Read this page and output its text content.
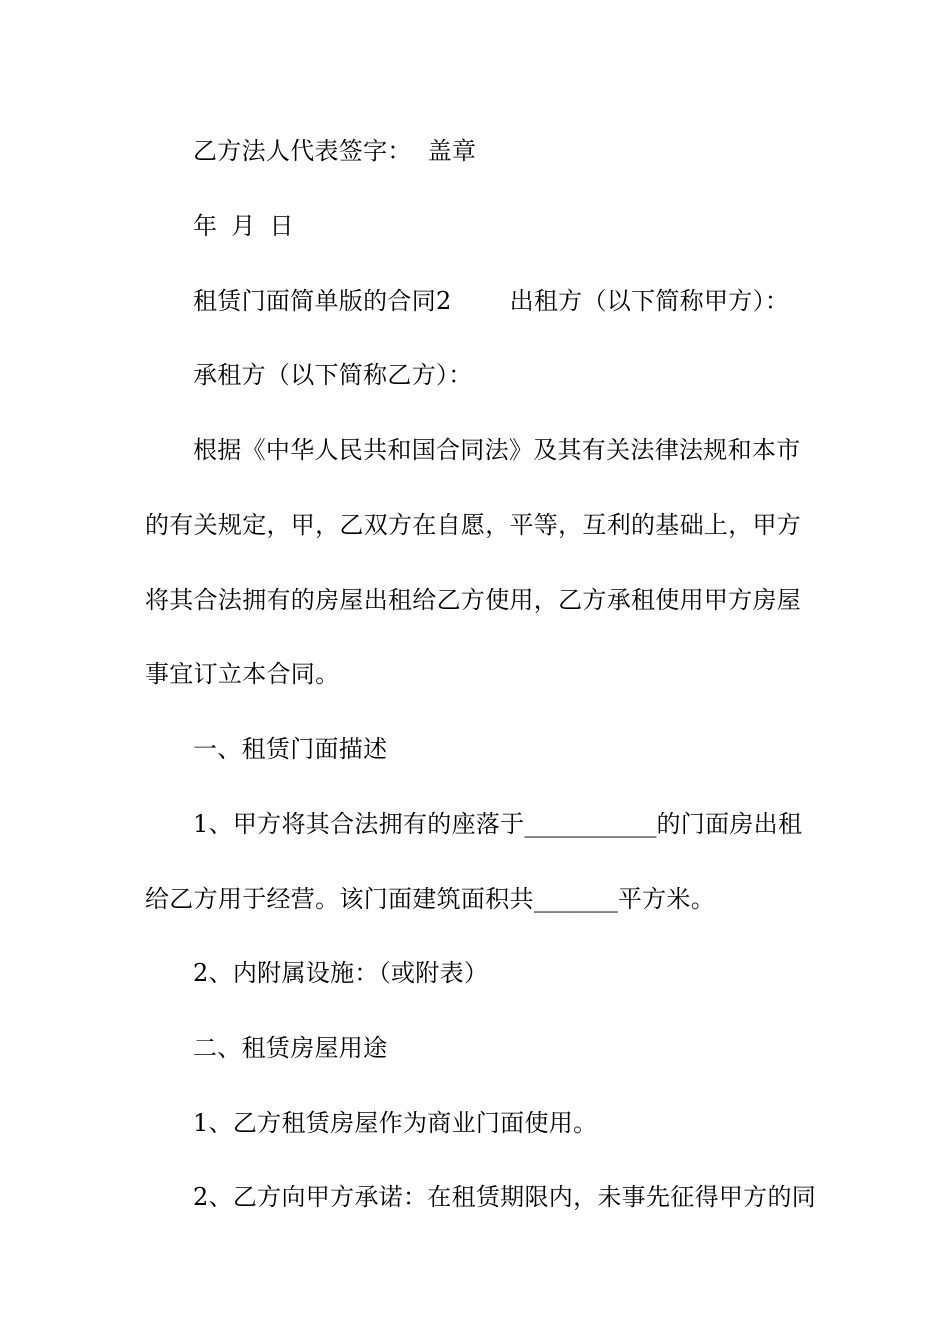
乙方法人代表签字： 盖章
年 月 日
租赁门面简单版的合同2 出租方（以下简称甲方）：
承租方（以下简称乙方）：
根据《中华人民共和国合同法》及其有关法律法规和本市
的有关规定，甲，乙双方在自愿，平等，互利的基础上，甲方
将其合法拥有的房屋出租给乙方使用，乙方承租使用甲方房屋
事宜订立本合同。
一、租赁门面描述
1、甲方将其合法拥有的座落于___________的门面房出租
给乙方用于经营。该门面建筑面积共_______平方米。
2、内附属设施：（或附表）
二、租赁房屋用途
1、乙方租赁房屋作为商业门面使用。
2、乙方向甲方承诺：在租赁期限内，未事先征得甲方的同
